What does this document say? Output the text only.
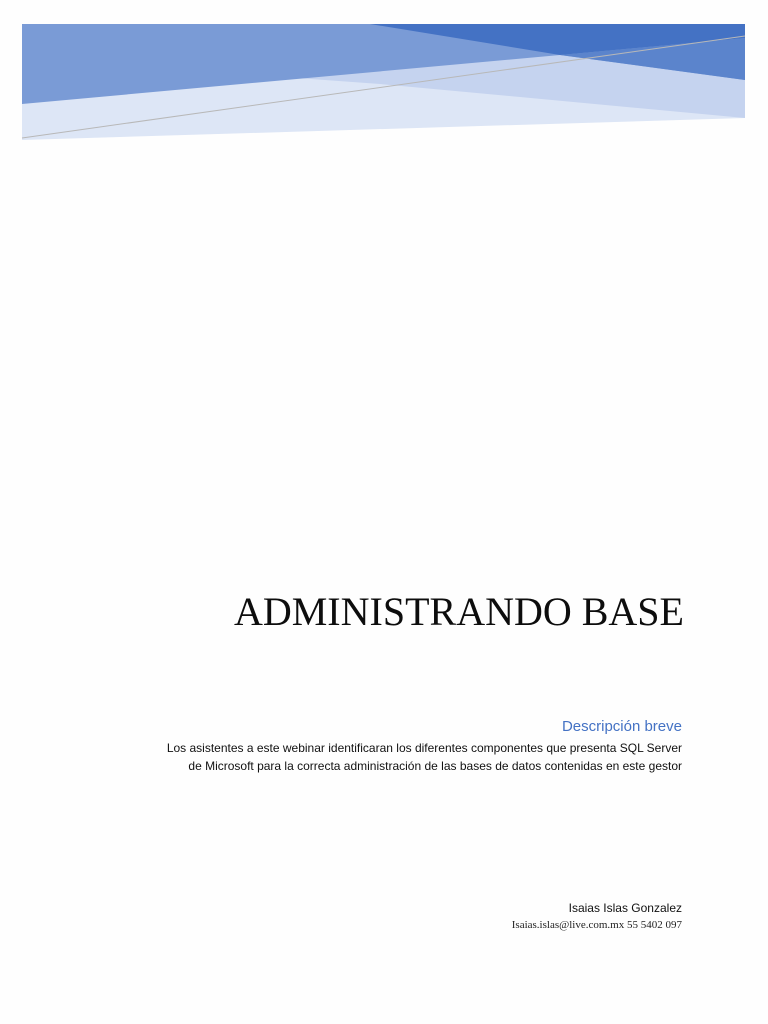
ADMINISTRANDO BASE
Descripción breve

Los asistentes a este webinar identificaran los diferentes componentes que presenta SQL Server de Microsoft para la correcta administración de las bases de datos contenidas en este gestor

Isaias Islas Gonzalez
Isaias.islas@live.com.mx 55 5402 097
